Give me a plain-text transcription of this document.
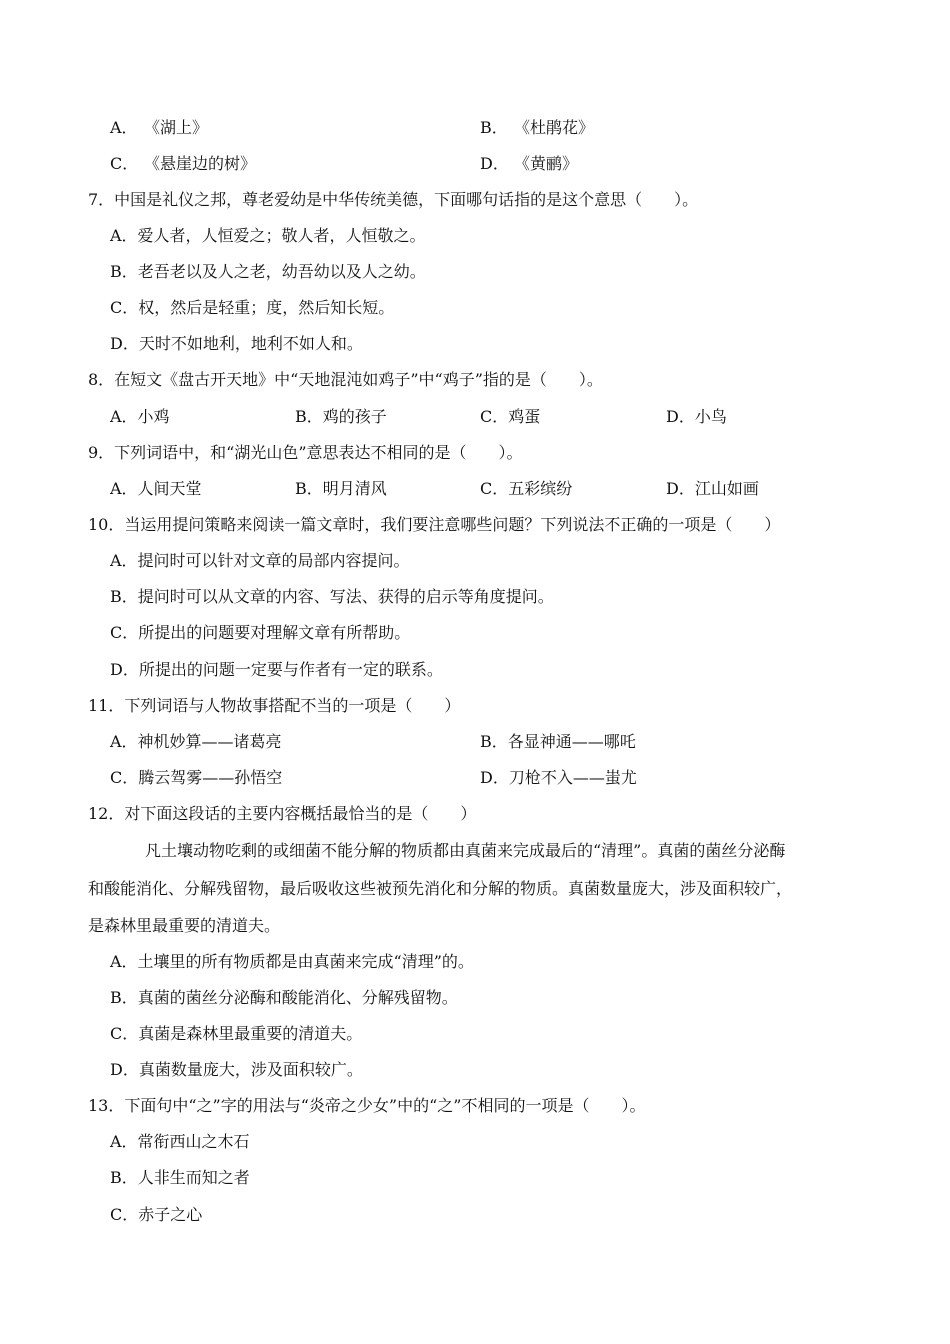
A． 《湖上》	B． 《杜鹃花》
C． 《悬崖边的树》	D． 《黄鹂》
7．中国是礼仪之邦，尊老爱幼是中华传统美德，下面哪句话指的是这个意思（　　）。
A．爱人者，人恒爱之；敬人者，人恒敬之。
B．老吾老以及人之老，幼吾幼以及人之幼。
C．权，然后是轻重；度，然后知长短。
D．天时不如地利，地利不如人和。
8．在短文《盘古开天地》中“天地混沌如鸡子”中“鸡子”指的是（　　）。
A．小鸡	B．鸡的孩子	C．鸡蛋	D．小鸟
9．下列词语中，和“湖光山色”意思表达不相同的是（　　）。
A．人间天堂	B．明月清风	C．五彩缤纷	D．江山如画
10．当运用提问策略来阅读一篇文章时，我们要注意哪些问题？下列说法不正确的一项是（　　）
A．提问时可以针对文章的局部内容提问。
B．提问时可以从文章的内容、写法、获得的启示等角度提问。
C．所提出的问题要对理解文章有所帮助。
D．所提出的问题一定要与作者有一定的联系。
11．下列词语与人物故事搭配不当的一项是（　　）
A．神机妙算——诸葛亮	B．各显神通——哪吒
C．腾云驾雾——孙悟空	D．刀枪不入——蚩尤
12．对下面这段话的主要内容概括最恰当的是（　　）
凡土壤动物吃剩的或细菌不能分解的物质都由真菌来完成最后的“清理”。真菌的菌丝分泌酶
和酸能消化、分解残留物，最后吸收这些被预先消化和分解的物质。真菌数量庞大，涉及面积较广，
是森林里最重要的清道夫。
A．土壤里的所有物质都是由真菌来完成“清理”的。
B．真菌的菌丝分泌酶和酸能消化、分解残留物。
C．真菌是森林里最重要的清道夫。
D．真菌数量庞大，涉及面积较广。
13．下面句中“之”字的用法与“炎帝之少女”中的“之”不相同的一项是（　　）。
A．常衔西山之木石
B．人非生而知之者
C．赤子之心
